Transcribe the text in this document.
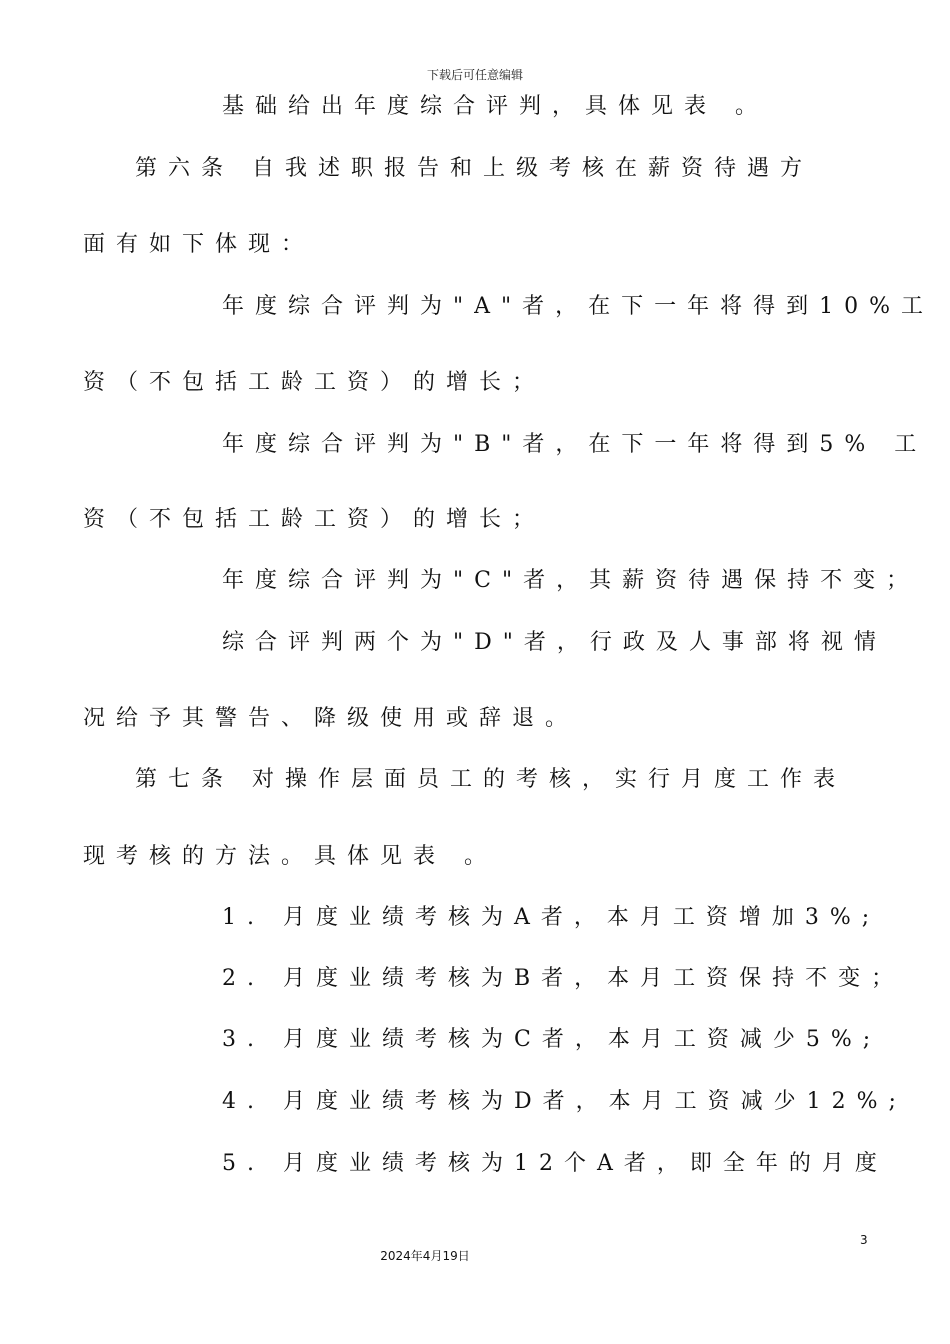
下载后可任意编辑
基础给出年度综合评判，具体见表 。
第六条 自我述职报告和上级考核在薪资待遇方
面有如下体现：
年度综合评判为"A"者，在下一年将得到10%工
资（不包括工龄工资）的增长；
年度综合评判为"B"者，在下一年将得到5% 工
资（不包括工龄工资）的增长；
年度综合评判为"C"者，其薪资待遇保持不变；
综合评判两个为"D"者，行政及人事部将视情
况给予其警告、降级使用或辞退。
第七条 对操作层面员工的考核，实行月度工作表
现考核的方法。具体见表 。
1. 月度业绩考核为A者，本月工资增加3%;
2. 月度业绩考核为B者，本月工资保持不变；
3. 月度业绩考核为C者，本月工资减少5%;
4. 月度业绩考核为D者，本月工资减少12%;
5. 月度业绩考核为12个A者，即全年的月度
3
2024年4月19日
